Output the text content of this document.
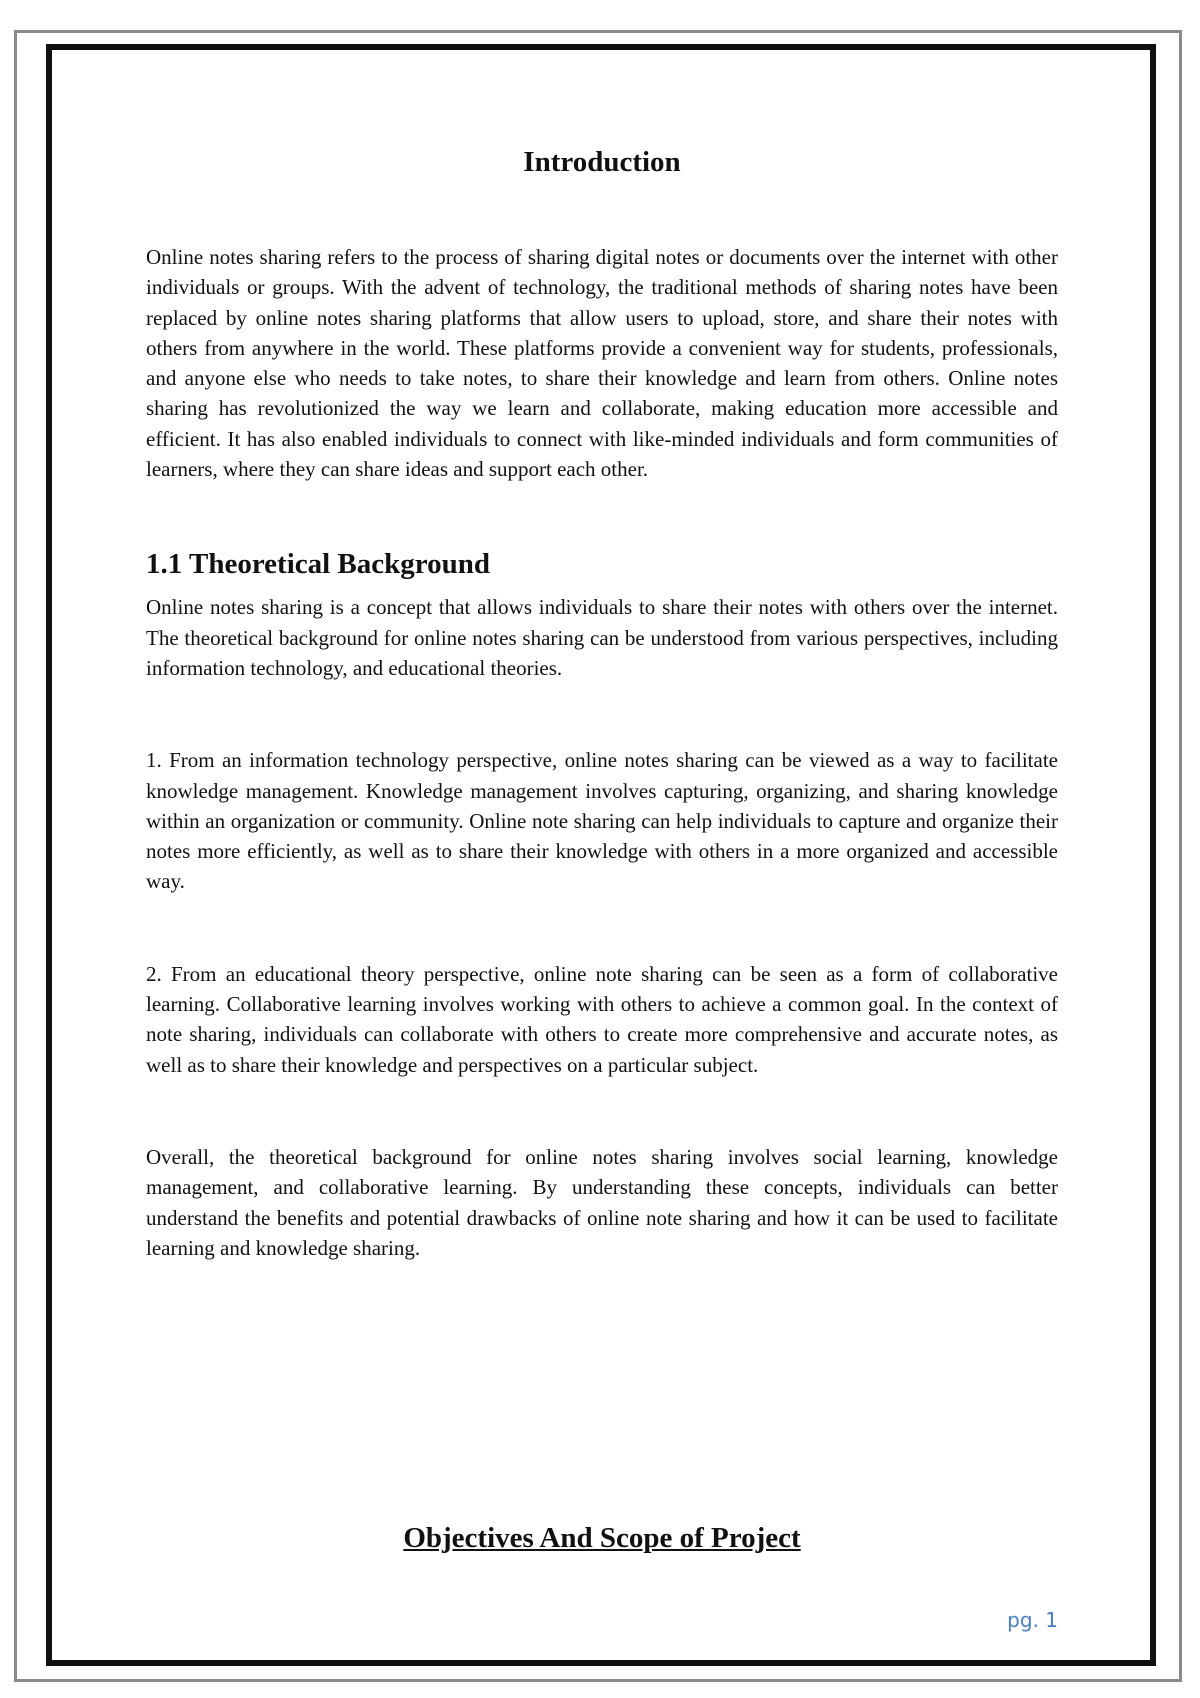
Introduction

Online notes sharing refers to the process of sharing digital notes or documents over the internet with other individuals or groups. With the advent of technology, the traditional methods of sharing notes have been replaced by online notes sharing platforms that allow users to upload, store, and share their notes with others from anywhere in the world. These platforms provide a convenient way for students, professionals, and anyone else who needs to take notes, to share their knowledge and learn from others. Online notes sharing has revolutionized the way we learn and collaborate, making education more accessible and efficient. It has also enabled individuals to connect with like-minded individuals and form communities of learners, where they can share ideas and support each other.

1.1 Theoretical Background

Online notes sharing is a concept that allows individuals to share their notes with others over the internet. The theoretical background for online notes sharing can be understood from various perspectives, including information technology, and educational theories.

1. From an information technology perspective, online notes sharing can be viewed as a way to facilitate knowledge management. Knowledge management involves capturing, organizing, and sharing knowledge within an organization or community. Online note sharing can help individuals to capture and organize their notes more efficiently, as well as to share their knowledge with others in a more organized and accessible way.

2. From an educational theory perspective, online note sharing can be seen as a form of collaborative learning. Collaborative learning involves working with others to achieve a common goal. In the context of note sharing, individuals can collaborate with others to create more comprehensive and accurate notes, as well as to share their knowledge and perspectives on a particular subject.

Overall, the theoretical background for online notes sharing involves social learning, knowledge management, and collaborative learning. By understanding these concepts, individuals can better understand the benefits and potential drawbacks of online note sharing and how it can be used to facilitate learning and knowledge sharing.

Objectives And Scope of Project
pg. 1
